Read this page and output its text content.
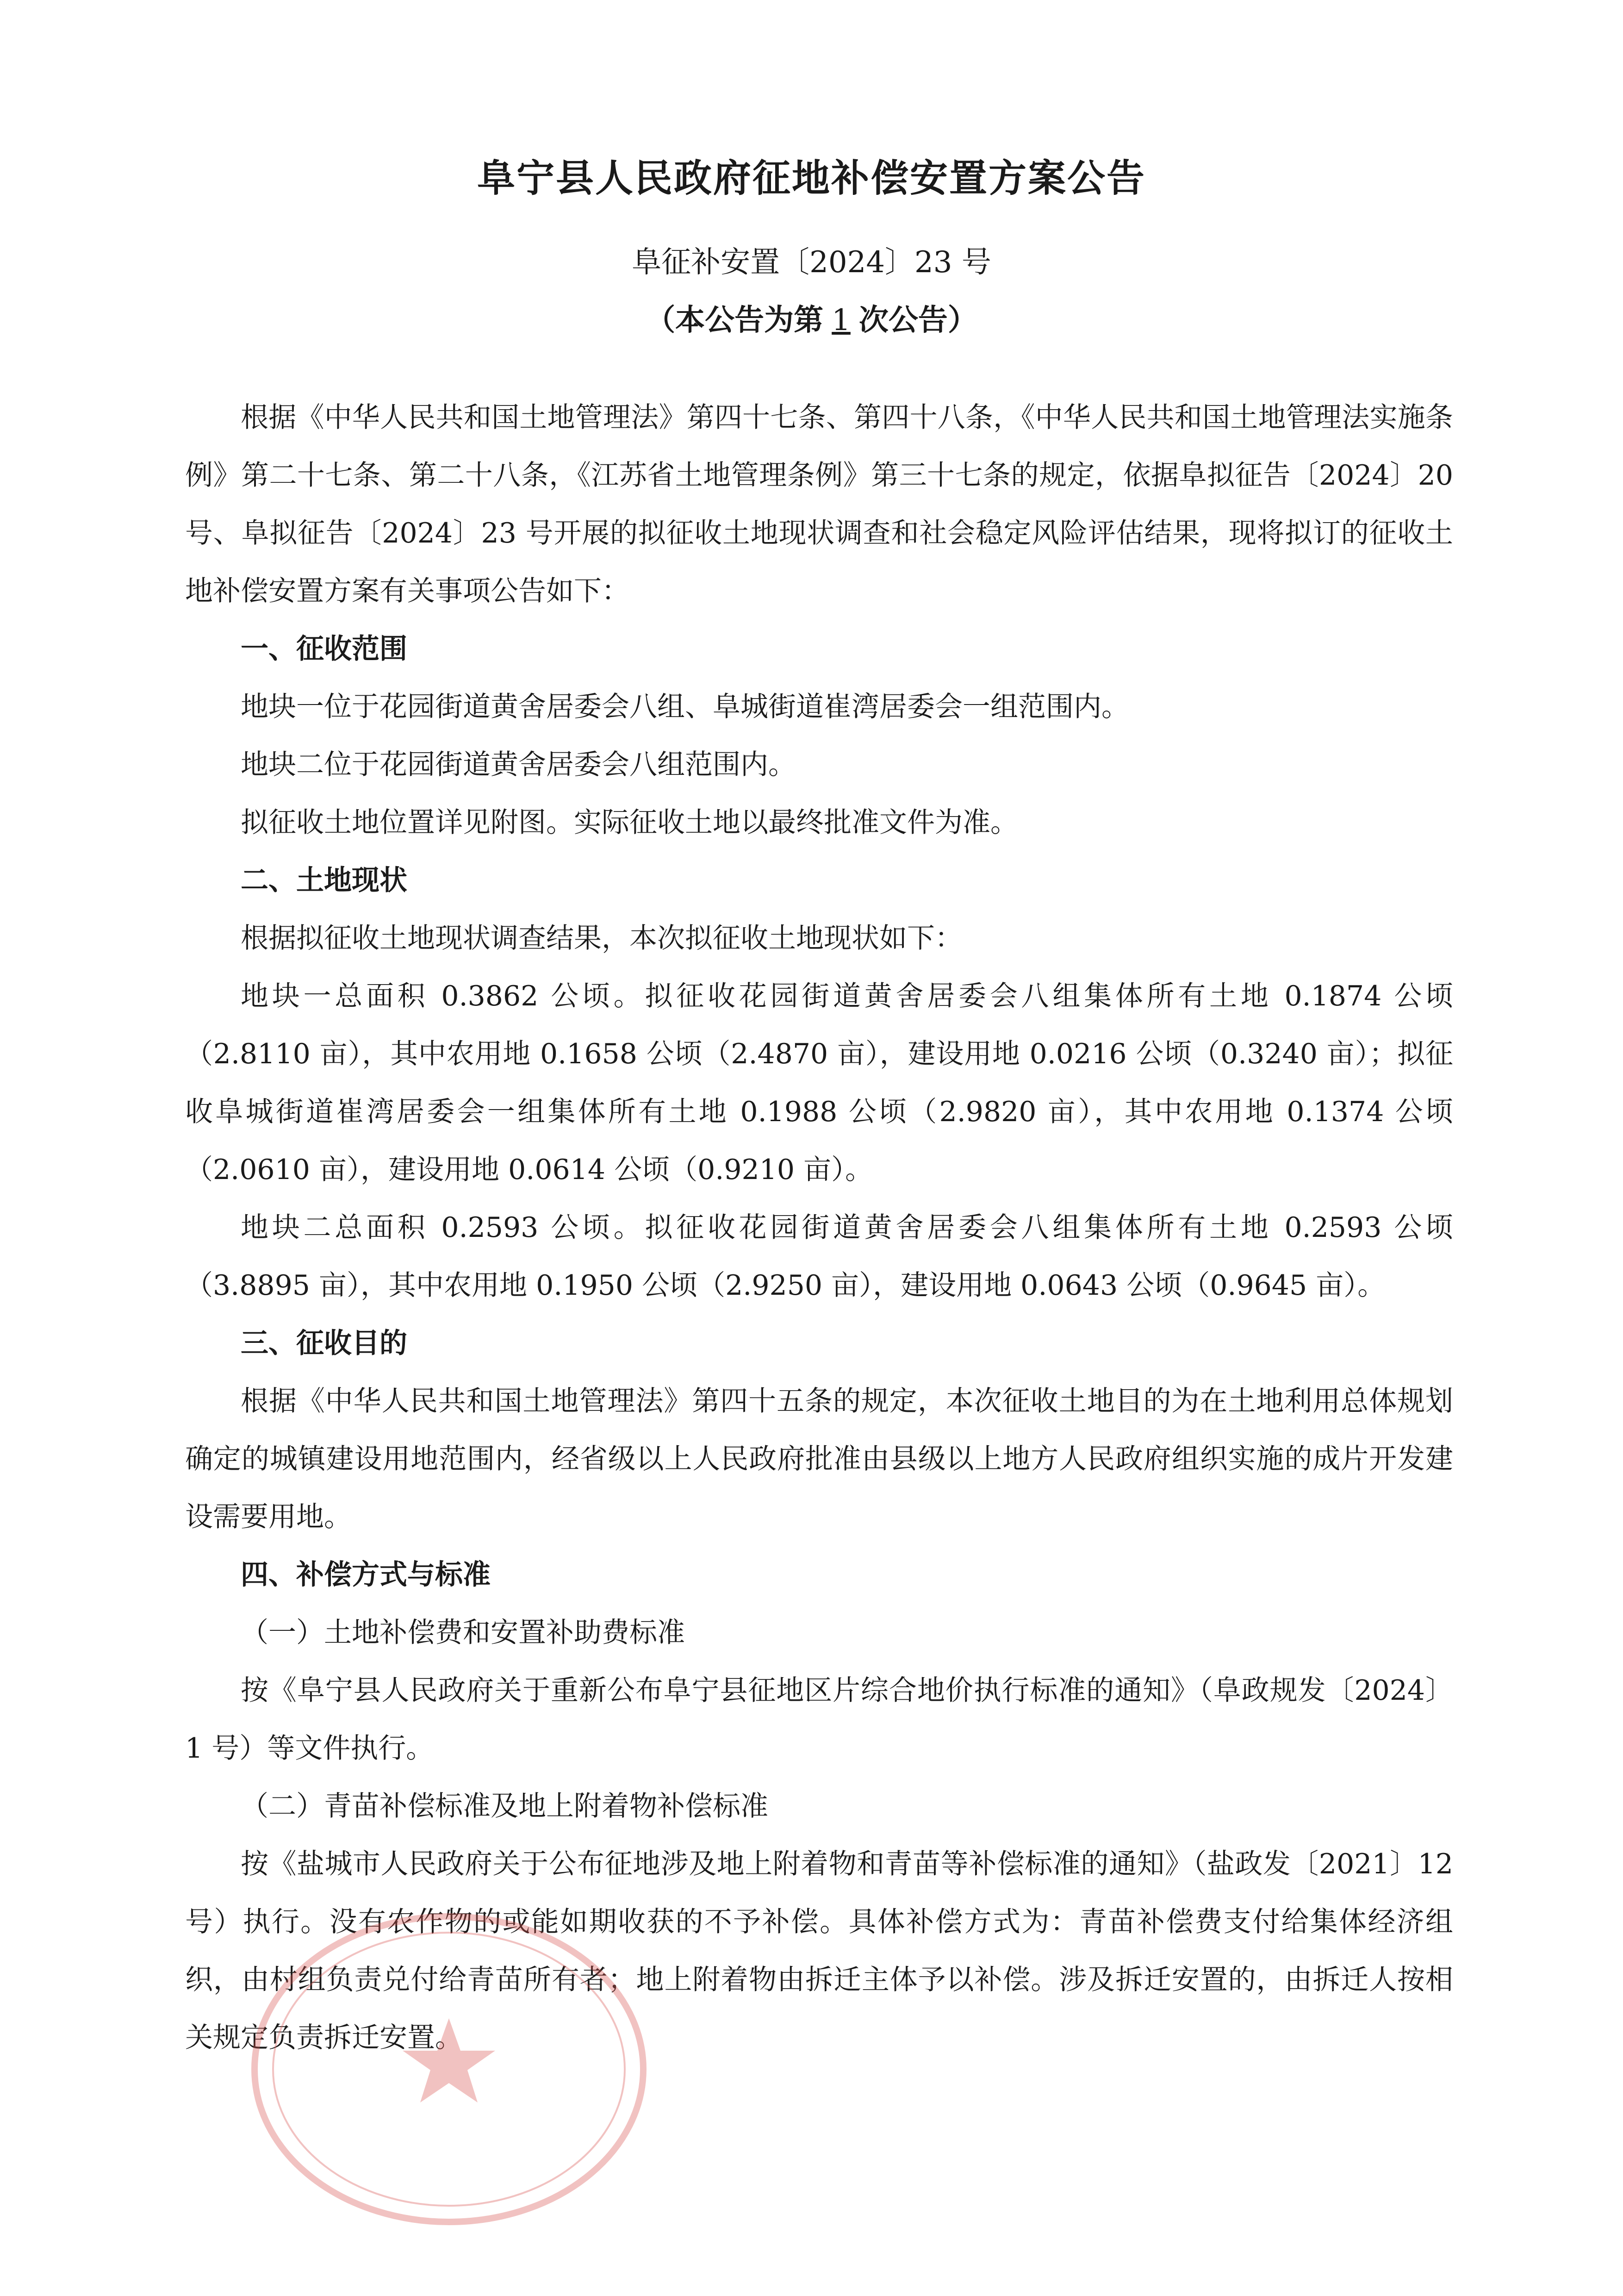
阜宁县人民政府征地补偿安置方案公告
阜征补安置〔2024〕23 号
（本公告为第 1 次公告）

根据《中华人民共和国土地管理法》第四十七条、第四十八条，《中华人民共和国土地管理法实施条例》第二十七条、第二十八条，《江苏省土地管理条例》第三十七条的规定，依据阜拟征告〔2024〕20 号、阜拟征告〔2024〕23 号开展的拟征收土地现状调查和社会稳定风险评估结果，现将拟订的征收土地补偿安置方案有关事项公告如下：

一、征收范围

地块一位于花园街道黄舍居委会八组、阜城街道崔湾居委会一组范围内。

地块二位于花园街道黄舍居委会八组范围内。

拟征收土地位置详见附图。实际征收土地以最终批准文件为准。

二、土地现状

根据拟征收土地现状调查结果，本次拟征收土地现状如下：

地块一总面积 0.3862 公顷。拟征收花园街道黄舍居委会八组集体所有土地 0.1874 公顷（2.8110 亩），其中农用地 0.1658 公顷（2.4870 亩），建设用地 0.0216 公顷（0.3240 亩）；拟征收阜城街道崔湾居委会一组集体所有土地 0.1988 公顷（2.9820 亩），其中农用地 0.1374 公顷（2.0610 亩），建设用地 0.0614 公顷（0.9210 亩）。

地块二总面积 0.2593 公顷。拟征收花园街道黄舍居委会八组集体所有土地 0.2593 公顷（3.8895 亩），其中农用地 0.1950 公顷（2.9250 亩），建设用地 0.0643 公顷（0.9645 亩）。

三、征收目的

根据《中华人民共和国土地管理法》第四十五条的规定，本次征收土地目的为在土地利用总体规划确定的城镇建设用地范围内，经省级以上人民政府批准由县级以上地方人民政府组织实施的成片开发建设需要用地。

四、补偿方式与标准

（一）土地补偿费和安置补助费标准

按《阜宁县人民政府关于重新公布阜宁县征地区片综合地价执行标准的通知》（阜政规发〔2024〕1 号）等文件执行。

（二）青苗补偿标准及地上附着物补偿标准

按《盐城市人民政府关于公布征地涉及地上附着物和青苗等补偿标准的通知》（盐政发〔2021〕12 号）执行。没有农作物的或能如期收获的不予补偿。具体补偿方式为：青苗补偿费支付给集体经济组织，由村组负责兑付给青苗所有者；地上附着物由拆迁主体予以补偿。涉及拆迁安置的，由拆迁人按相关规定负责拆迁安置。
